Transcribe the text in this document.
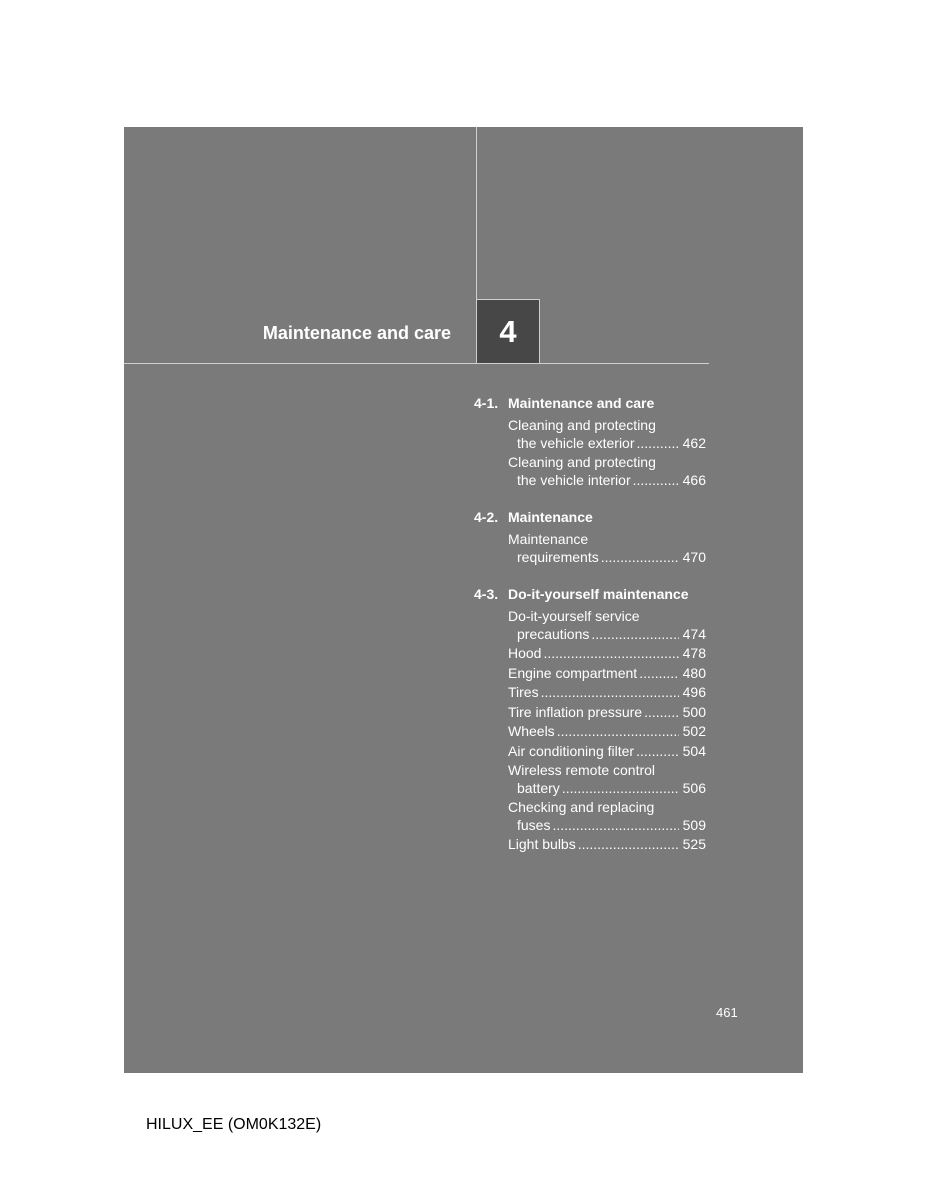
Maintenance and care	4
4-1. Maintenance and care
Cleaning and protecting
the vehicle exterior .....	462
Cleaning and protecting
the vehicle interior .....	466
4-2. Maintenance
Maintenance
requirements .....	470
4-3. Do-it-yourself maintenance
Do-it-yourself service
precautions .....	474
Hood .....	478
Engine compartment .....	480
Tires .....	496
Tire inflation pressure .....	500
Wheels .....	502
Air conditioning filter .....	504
Wireless remote control
battery .....	506
Checking and replacing
fuses .....	509
Light bulbs .....	525
461
HILUX_EE (OM0K132E)
